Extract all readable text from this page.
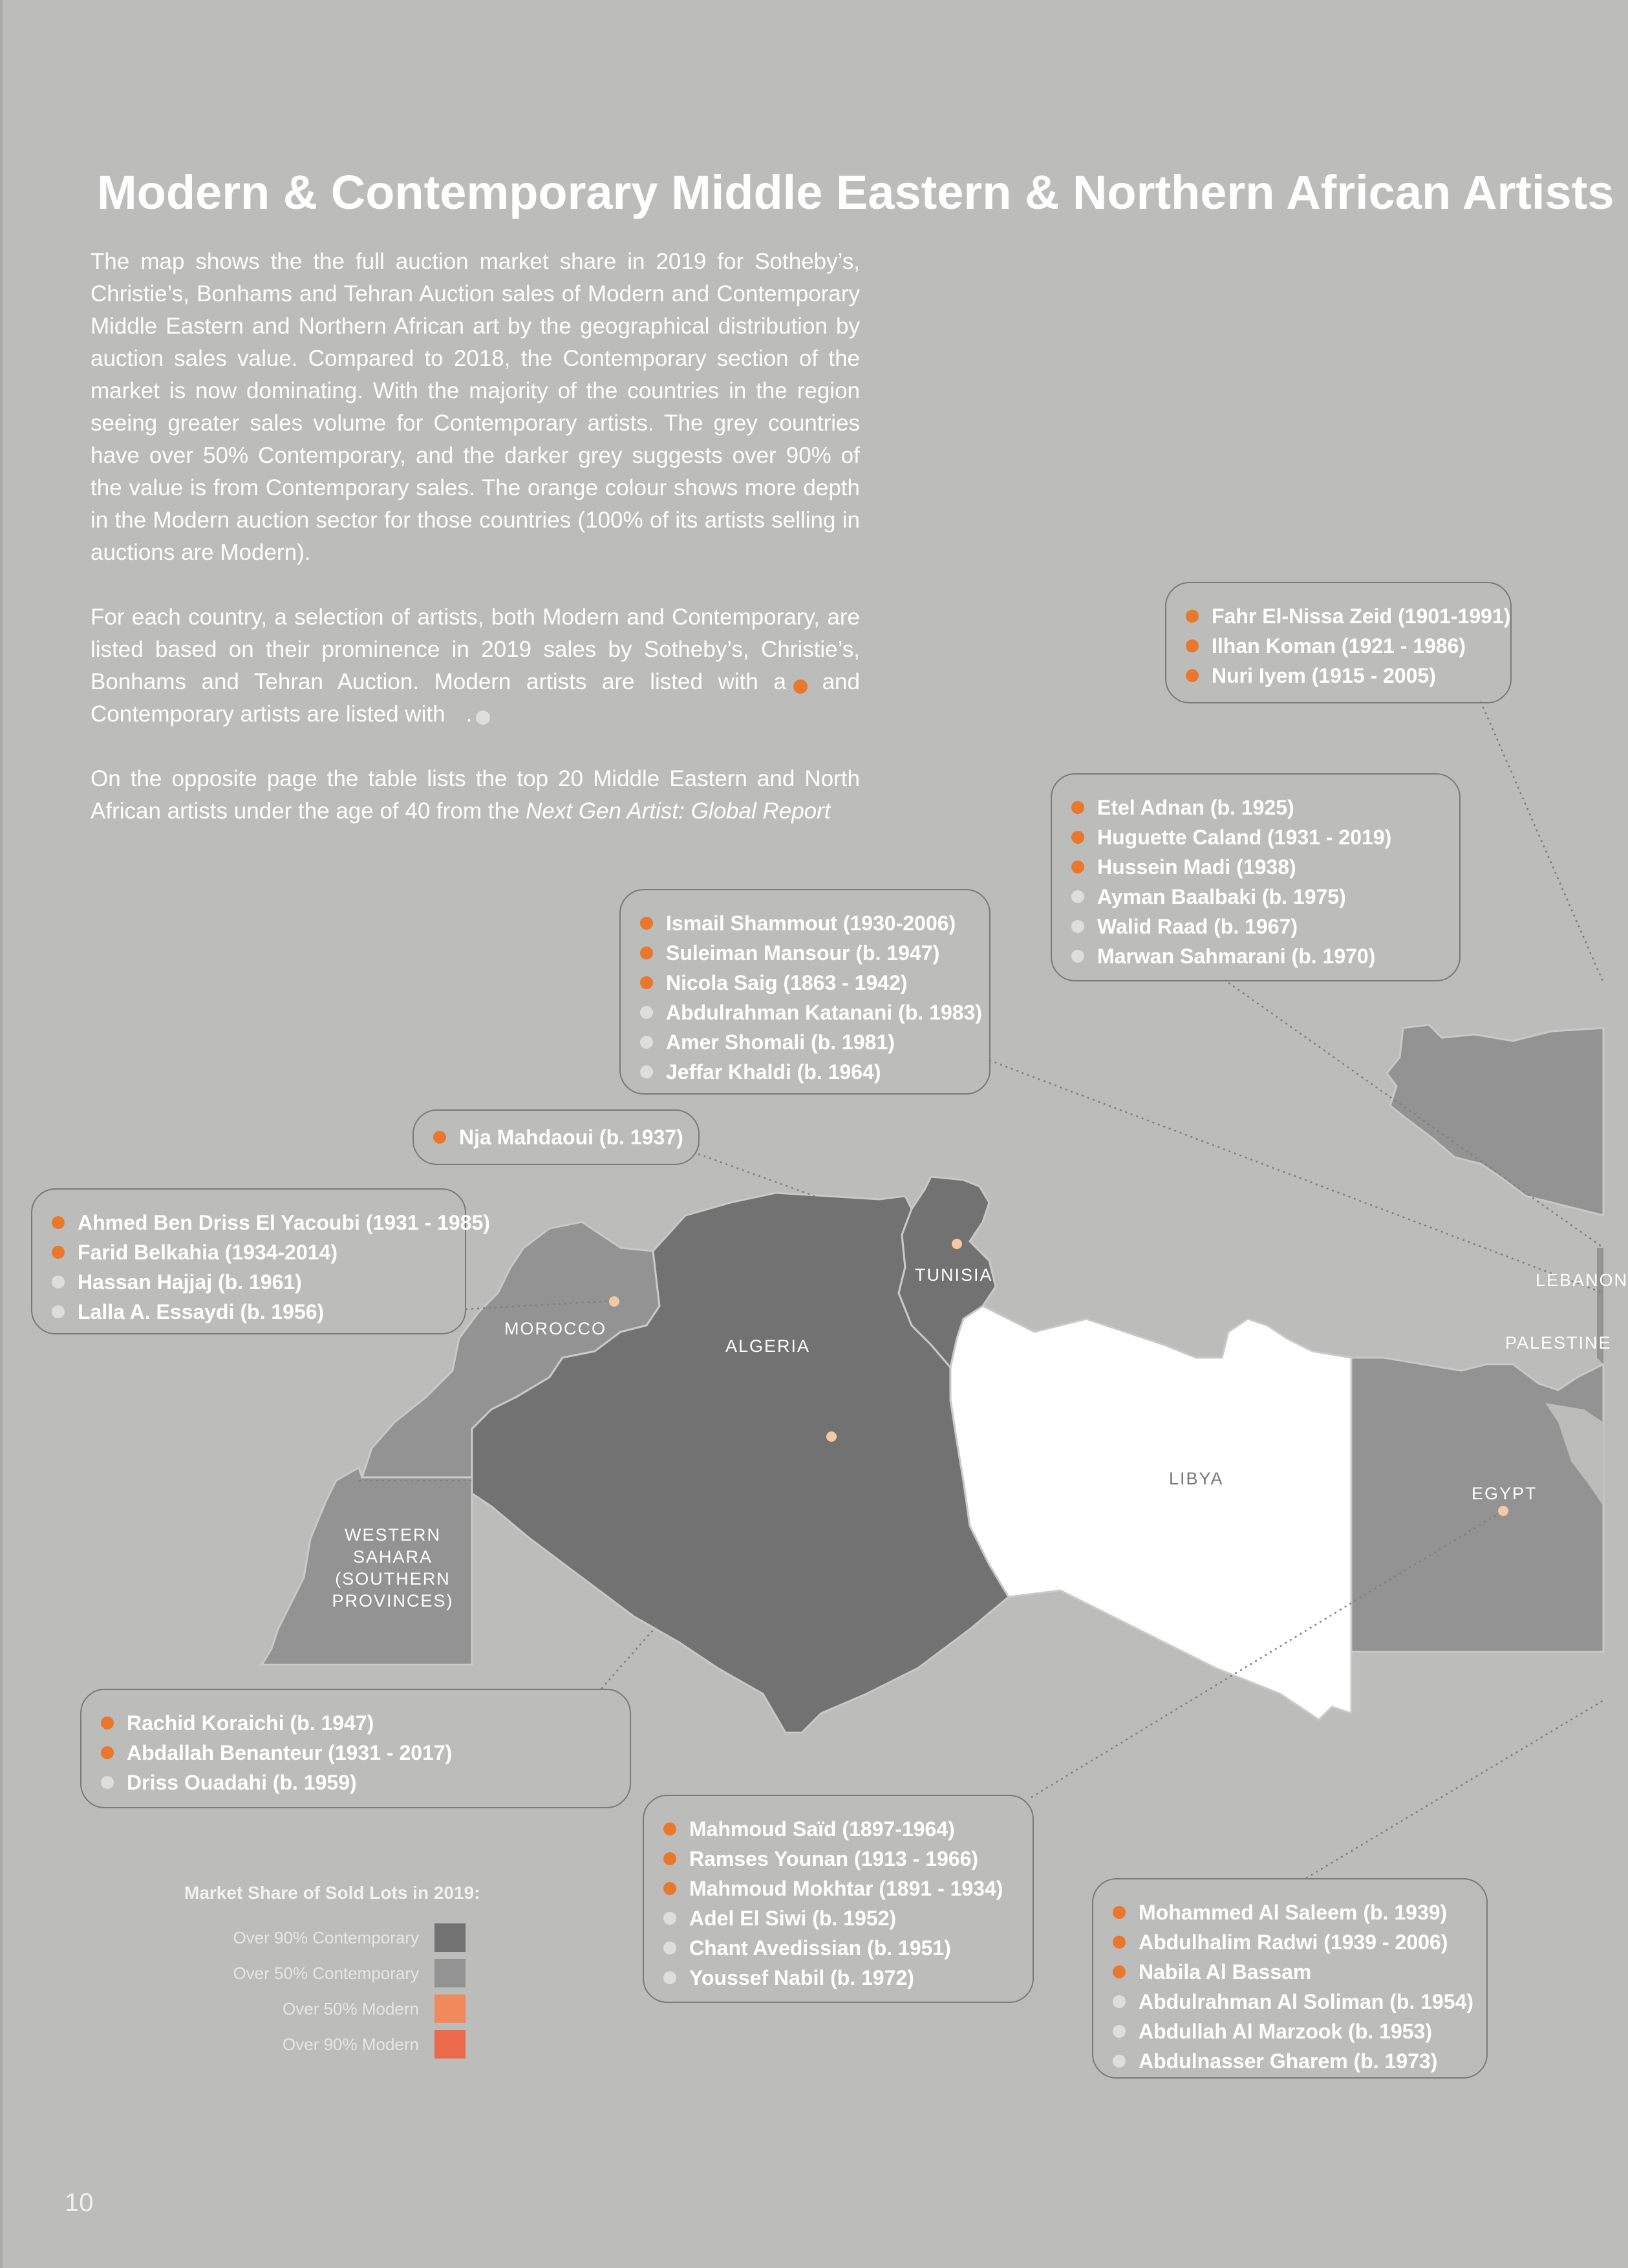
Modern & Contemporary Middle Eastern & Northern African Artists

The map shows the the full auction market share in 2019 for Sotheby’s, Christie’s, Bonhams and Tehran Auction sales of Modern and Contemporary Middle Eastern and Northern African art by the geographical distribution by auction sales value. Compared to 2018, the Contemporary section of the market is now dominating. With the majority of the countries in the region seeing greater sales volume for Contemporary artists. The grey countries have over 50% Contemporary, and the darker grey suggests over 90% of the value is from Contemporary sales. The orange colour shows more depth in the Modern auction sector for those countries (100% of its artists selling in auctions are Modern).

For each country, a selection of artists, both Modern and Contemporary, are listed based on their prominence in 2019 sales by Sotheby’s, Christie’s, Bonhams and Tehran Auction. Modern artists are listed with a and Contemporary artists are listed with .

On the opposite page the table lists the top 20 Middle Eastern and North African artists under the age of 40 from the Next Gen Artist: Global Report

MOROCCO
ALGERIA
TUNISIA
LIBYA
EGYPT
LEBANON
PALESTINE
WESTERN
SAHARA
(SOUTHERN
PROVINCES)
Fahr El-Nissa Zeid (1901-1991)
Ilhan Koman (1921 - 1986)
Nuri Iyem (1915 - 2005)
Etel Adnan (b. 1925)
Huguette Caland (1931 - 2019)
Hussein Madi (1938)
Ayman Baalbaki (b. 1975)
Walid Raad (b. 1967)
Marwan Sahmarani (b. 1970)
Ismail Shammout (1930-2006)
Suleiman Mansour (b. 1947)
Nicola Saig (1863 - 1942)
Abdulrahman Katanani (b. 1983)
Amer Shomali (b. 1981)
Jeffar Khaldi (b. 1964)
Nja Mahdaoui (b. 1937)
Ahmed Ben Driss El Yacoubi (1931 - 1985)
Farid Belkahia (1934-2014)
Hassan Hajjaj (b. 1961)
Lalla A. Essaydi (b. 1956)
Rachid Koraichi (b. 1947)
Abdallah Benanteur (1931 - 2017)
Driss Ouadahi (b. 1959)
Mahmoud Saïd (1897-1964)
Ramses Younan (1913 - 1966)
Mahmoud Mokhtar (1891 - 1934)
Adel El Siwi (b. 1952)
Chant Avedissian (b. 1951)
Youssef Nabil (b. 1972)
Mohammed Al Saleem (b. 1939)
Abdulhalim Radwi (1939 - 2006)
Nabila Al Bassam
Abdulrahman Al Soliman (b. 1954)
Abdullah Al Marzook (b. 1953)
Abdulnasser Gharem (b. 1973)
Market Share of Sold Lots in 2019:
Over 90% Contemporary
Over 50% Contemporary
Over 50% Modern
Over 90% Modern
10
